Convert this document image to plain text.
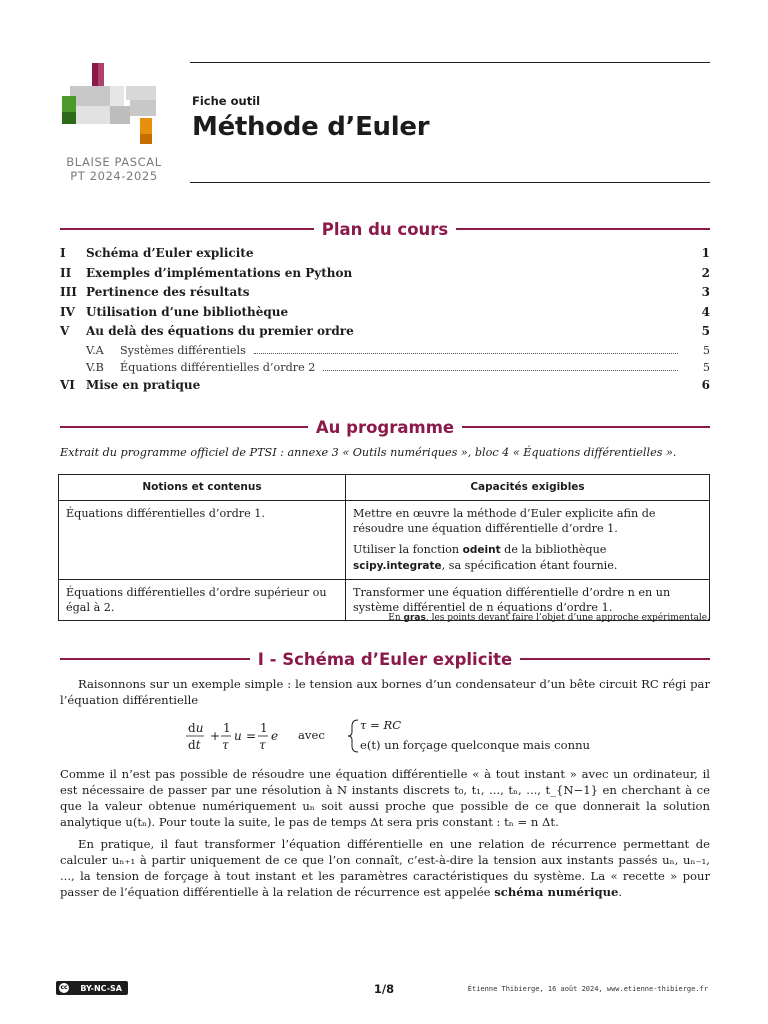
BLAISE PASCAL
PT 2024-2025
Fiche outil
Méthode d’Euler
Plan du cours
I	Schéma d’Euler explicite	1
II	Exemples d’implémentations en Python	2
III Pertinence des résultats	3
IV Utilisation d’une bibliothèque	4
V	Au delà des équations du premier ordre	5
V.A	Systèmes différentiels	5
V.B	Équations différentielles d’ordre 2	5
VI Mise en pratique	6
Au programme
Extrait du programme officiel de PTSI : annexe 3 « Outils numériques », bloc 4 « Équations différentielles ».
Notions et contenus	Capacités exigibles
Équations différentielles d’ordre 1.	Mettre en œuvre la méthode d’Euler explicite afin de résoudre une équation différentielle d’ordre 1.

Utiliser la fonction odeint de la bibliothèque scipy.integrate, sa spécification étant fournie.

Équations différentielles d’ordre supérieur ou égal à 2.	Transformer une équation différentielle d’ordre n en un système différentiel de n équations d’ordre 1.
En gras, les points devant faire l’objet d’une approche expérimentale.
I - Schéma d’Euler explicite

Raisonnons sur un exemple simple : le tension aux bornes d’un condensateur d’un bête circuit RC régi par l’équation différentielle

du
dt
+
1
τ
u =
1
τ
e avec
τ = RC
e(t) un forçage quelconque mais connu

Comme il n’est pas possible de résoudre une équation différentielle « à tout instant » avec un ordinateur, il est nécessaire de passer par une résolution à N instants discrets t₀, t₁, ..., tₙ, ..., t_{N−1} en cherchant à ce que la valeur obtenue numériquement uₙ soit aussi proche que possible de ce que donnerait la solution analytique u(tₙ). Pour toute la suite, le pas de temps Δt sera pris constant : tₙ = n Δt.

En pratique, il faut transformer l’équation différentielle en une relation de récurrence permettant de calculer uₙ₊₁ à partir uniquement de ce que l’on connaît, c’est-à-dire la tension aux instants passés uₙ, uₙ₋₁, ..., la tension de forçage à tout instant et les paramètres caractéristiques du système. La « recette » pour passer de l’équation différentielle à la relation de récurrence est appelée schéma numérique.

cc BY-NC-SA	1/8	Étienne Thibierge, 16 août 2024, www.etienne-thibierge.fr
